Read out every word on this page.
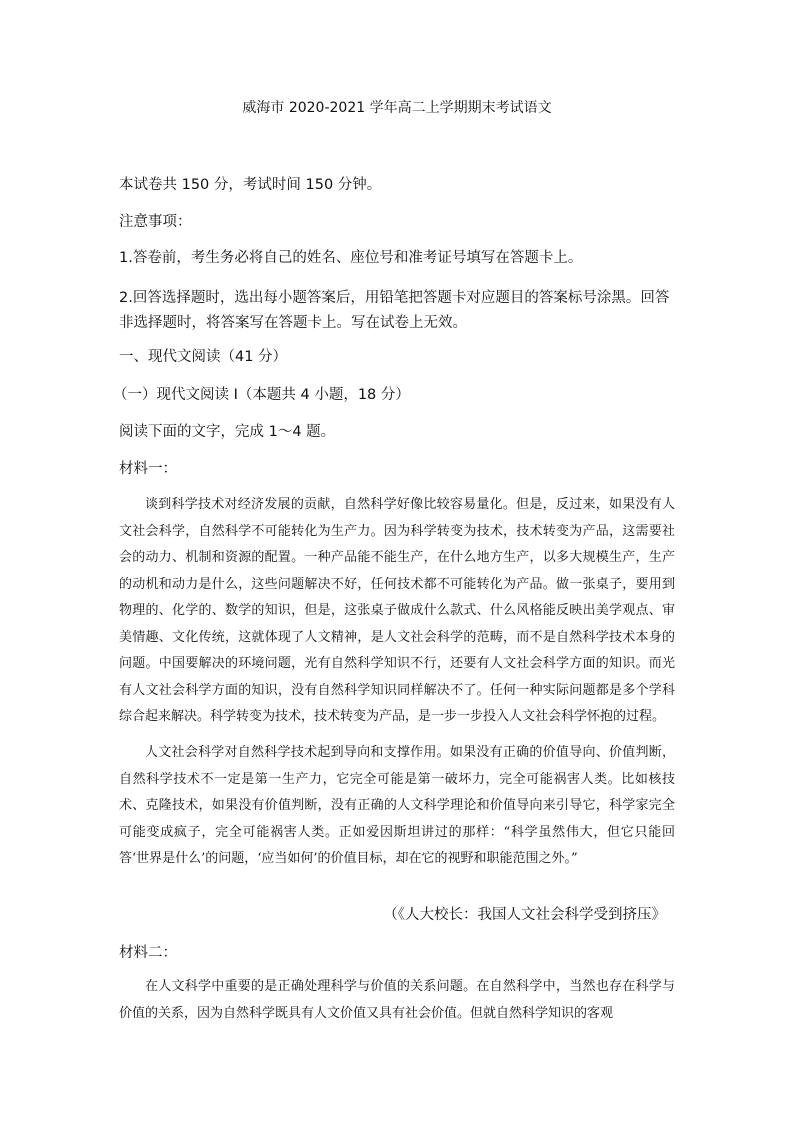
威海市 2020-2021 学年高二上学期期末考试语文
本试卷共 150 分，考试时间 150 分钟。
注意事项：
1.答卷前，考生务必将自己的姓名、座位号和准考证号填写在答题卡上。
2.回答选择题时，选出每小题答案后，用铅笔把答题卡对应题目的答案标号涂黑。回答非选择题时，将答案写在答题卡上。写在试卷上无效。
一、现代文阅读（41 分）
（一）现代文阅读 Ⅰ（本题共 4 小题，18 分）
阅读下面的文字，完成 1～4 题。
材料一：
谈到科学技术对经济发展的贡献，自然科学好像比较容易量化。但是，反过来，如果没有人文社会科学，自然科学不可能转化为生产力。因为科学转变为技术，技术转变为产品，这需要社会的动力、机制和资源的配置。一种产品能不能生产，在什么地方生产，以多大规模生产，生产的动机和动力是什么，这些问题解决不好，任何技术都不可能转化为产品。做一张桌子，要用到物理的、化学的、数学的知识，但是，这张桌子做成什么款式、什么风格能反映出美学观点、审美情趣、文化传统，这就体现了人文精神，是人文社会科学的范畴，而不是自然科学技术本身的问题。中国要解决的环境问题，光有自然科学知识不行，还要有人文社会科学方面的知识。而光有人文社会科学方面的知识，没有自然科学知识同样解决不了。任何一种实际问题都是多个学科综合起来解决。科学转变为技术，技术转变为产品，是一步一步投入人文社会科学怀抱的过程。
人文社会科学对自然科学技术起到导向和支撑作用。如果没有正确的价值导向、价值判断，自然科学技术不一定是第一生产力，它完全可能是第一破坏力，完全可能祸害人类。比如核技术、克隆技术，如果没有价值判断，没有正确的人文科学理论和价值导向来引导它，科学家完全可能变成疯子，完全可能祸害人类。正如爱因斯坦讲过的那样：“科学虽然伟大，但它只能回答‘世界是什么’的问题，‘应当如何’的价值目标，却在它的视野和职能范围之外。”
（《人大校长：我国人文社会科学受到挤压》
材料二：
在人文科学中重要的是正确处理科学与价值的关系问题。在自然科学中，当然也存在科学与价值的关系，因为自然科学既具有人文价值又具有社会价值。但就自然科学知识的客观
